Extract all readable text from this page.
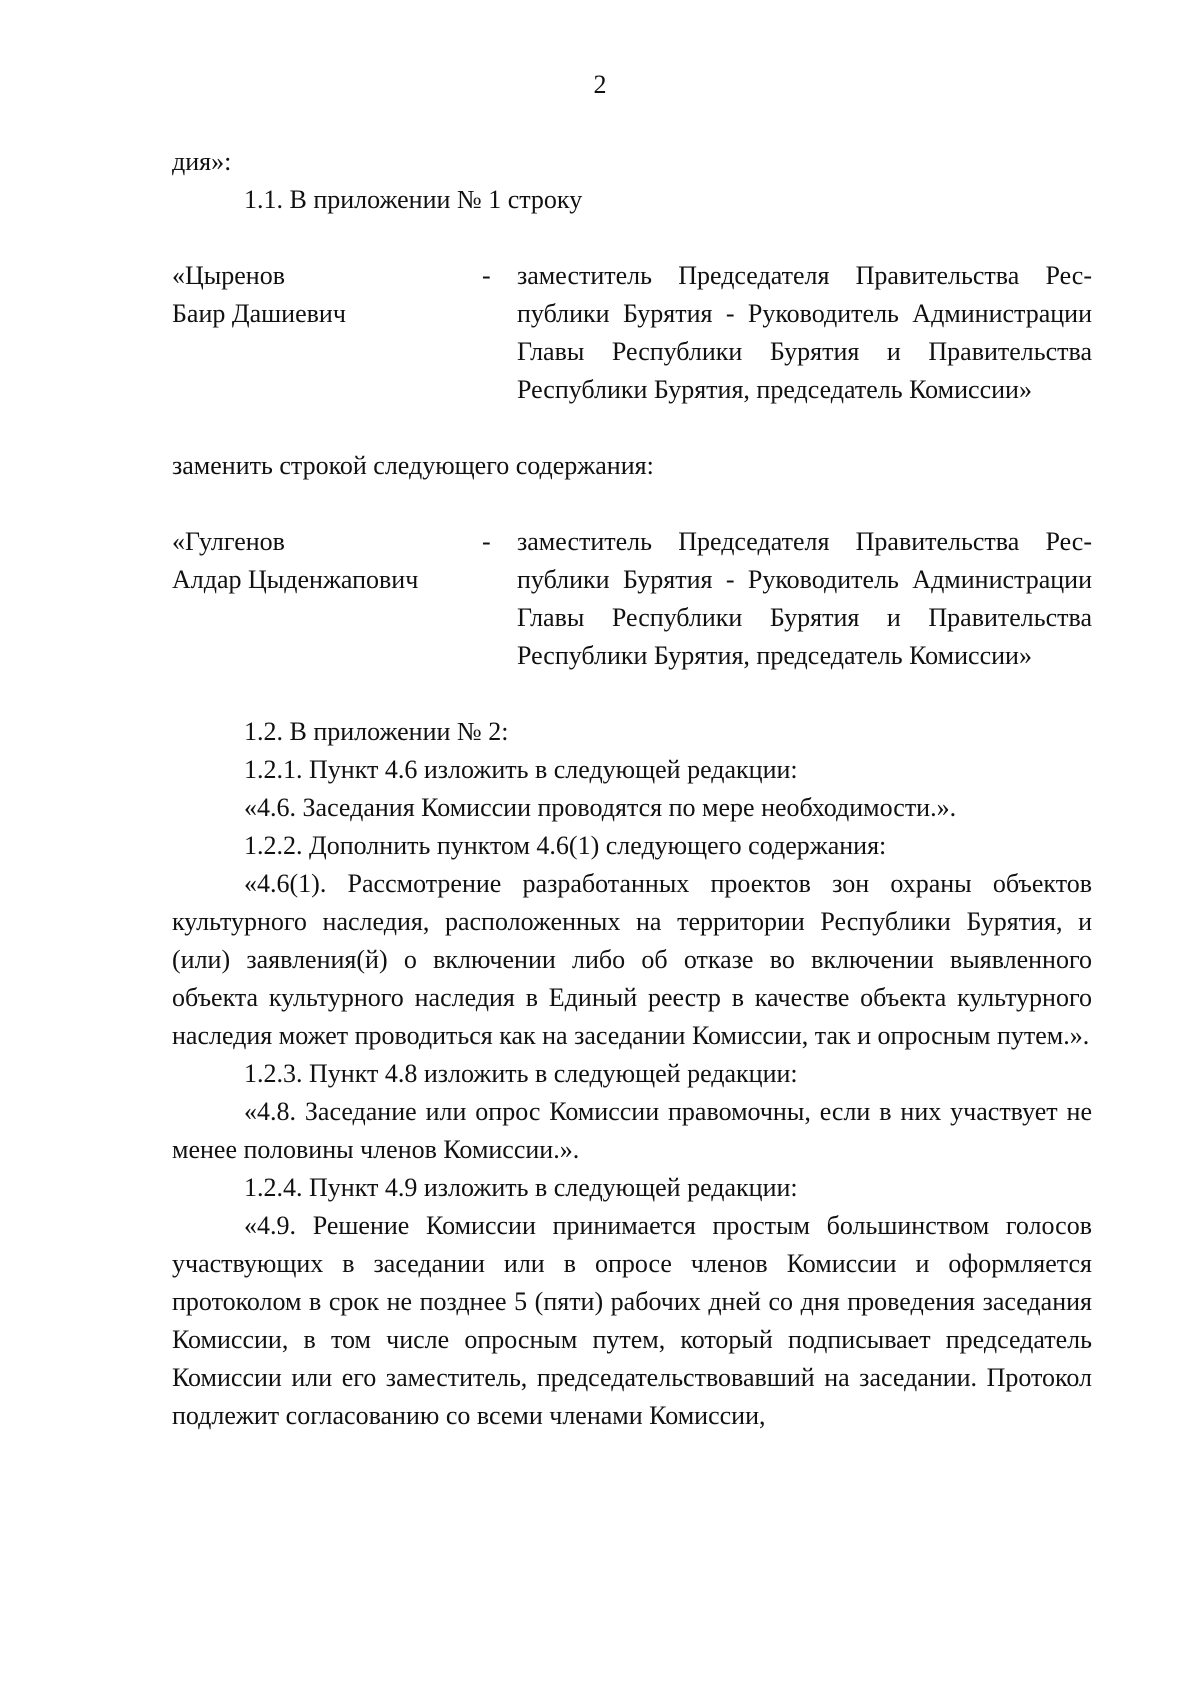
2

дия»:

1.1. В приложении № 1 строку

«Цыренов
Баир Дашиевич
-	заместитель Председателя Правительства Республики Бурятия - Руководитель Администрации Главы Республики Бурятия и Правительства Республики Бурятия, председатель Комиссии»

заменить строкой следующего содержания:

«Гулгенов
Алдар Цыденжапович
-	заместитель Председателя Правительства Республики Бурятия - Руководитель Администрации Главы Республики Бурятия и Правительства Республики Бурятия, председатель Комиссии»

1.2. В приложении № 2:

1.2.1. Пункт 4.6 изложить в следующей редакции:

«4.6. Заседания Комиссии проводятся по мере необходимости.».

1.2.2. Дополнить пунктом 4.6(1) следующего содержания:

«4.6(1). Рассмотрение разработанных проектов зон охраны объектов культурного наследия, расположенных на территории Республики Бурятия, и (или) заявления(й) о включении либо об отказе во включении выявленного объекта культурного наследия в Единый реестр в качестве объекта культурного наследия может проводиться как на заседании Комиссии, так и опросным путем.».

1.2.3. Пункт 4.8 изложить в следующей редакции:

«4.8. Заседание или опрос Комиссии правомочны, если в них участвует не менее половины членов Комиссии.».

1.2.4. Пункт 4.9 изложить в следующей редакции:

«4.9. Решение Комиссии принимается простым большинством голосов участвующих в заседании или в опросе членов Комиссии и оформляется протоколом в срок не позднее 5 (пяти) рабочих дней со дня проведения заседания Комиссии, в том числе опросным путем, который подписывает председатель Комиссии или его заместитель, председательствовавший на заседании. Протокол подлежит согласованию со всеми членами Комиссии,
